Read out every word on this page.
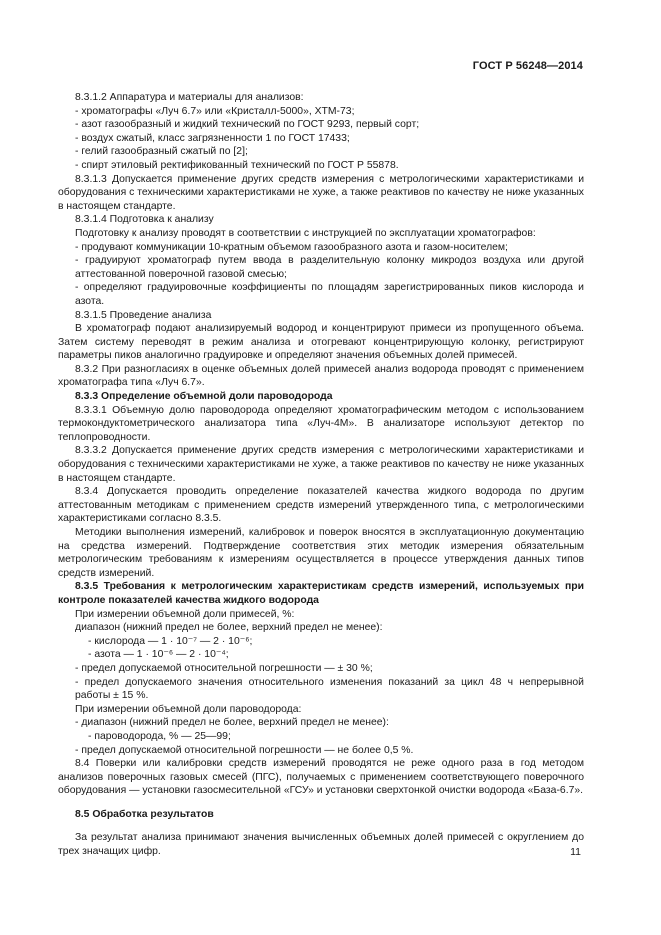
ГОСТ Р 56248—2014

8.3.1.2 Аппаратура и материалы для анализов:

- хроматографы «Луч 6.7» или «Кристалл-5000», ХТМ-73;

- азот газообразный и жидкий технический по ГОСТ 9293, первый сорт;

- воздух сжатый, класс загрязненности 1 по ГОСТ 17433;

- гелий газообразный сжатый по [2];

- спирт этиловый ректификованный технический по ГОСТ Р 55878.

8.3.1.3 Допускается применение других средств измерения с метрологическими характеристиками и оборудования с техническими характеристиками не хуже, а также реактивов по качеству не ниже указанных в настоящем стандарте.

8.3.1.4 Подготовка к анализу

Подготовку к анализу проводят в соответствии с инструкцией по эксплуатации хроматографов:

- продувают коммуникации 10-кратным объемом газообразного азота и газом-носителем;

- градуируют хроматограф путем ввода в разделительную колонку микродоз воздуха или другой аттестованной поверочной газовой смесью;

- определяют градуировочные коэффициенты по площадям зарегистрированных пиков кислорода и азота.

8.3.1.5 Проведение анализа

В хроматограф подают анализируемый водород и концентрируют примеси из пропущенного объема. Затем систему переводят в режим анализа и отогревают концентрирующую колонку, регистрируют параметры пиков аналогично градуировке и определяют значения объемных долей примесей.

8.3.2 При разногласиях в оценке объемных долей примесей анализ водорода проводят с применением хроматографа типа «Луч 6.7».

8.3.3 Определение объемной доли пароводорода

8.3.3.1 Объемную долю пароводорода определяют хроматографическим методом с использованием термокондуктометрического анализатора типа «Луч-4М». В анализаторе используют детектор по теплопроводности.

8.3.3.2 Допускается применение других средств измерения с метрологическими характеристиками и оборудования с техническими характеристиками не хуже, а также реактивов по качеству не ниже указанных в настоящем стандарте.

8.3.4 Допускается проводить определение показателей качества жидкого водорода по другим аттестованным методикам с применением средств измерений утвержденного типа, с метрологическими характеристиками согласно 8.3.5.

Методики выполнения измерений, калибровок и поверок вносятся в эксплуатационную документацию на средства измерений. Подтверждение соответствия этих методик измерения обязательным метрологическим требованиям к измерениям осуществляется в процессе утверждения данных типов средств измерений.

8.3.5 Требования к метрологическим характеристикам средств измерений, используемых при контроле показателей качества жидкого водорода

При измерении объемной доли примесей, %:

диапазон (нижний предел не более, верхний предел не менее):

- кислорода — 1 · 10⁻⁷ — 2 · 10⁻⁶;

- азота — 1 · 10⁻⁶ — 2 · 10⁻⁴;

- предел допускаемой относительной погрешности — ± 30 %;

- предел допускаемого значения относительного изменения показаний за цикл 48 ч непрерывной работы ± 15 %.

При измерении объемной доли пароводорода:

- диапазон (нижний предел не более, верхний предел не менее):

- пароводорода, % — 25—99;

- предел допускаемой относительной погрешности — не более 0,5 %.

8.4 Поверки или калибровки средств измерений проводятся не реже одного раза в год методом анализов поверочных газовых смесей (ПГС), получаемых с применением соответствующего поверочного оборудования — установки газосмесительной «ГСУ» и установки сверхтонкой очистки водорода «База-6.7».

8.5 Обработка результатов

За результат анализа принимают значения вычисленных объемных долей примесей с округлением до трех значащих цифр.	11
